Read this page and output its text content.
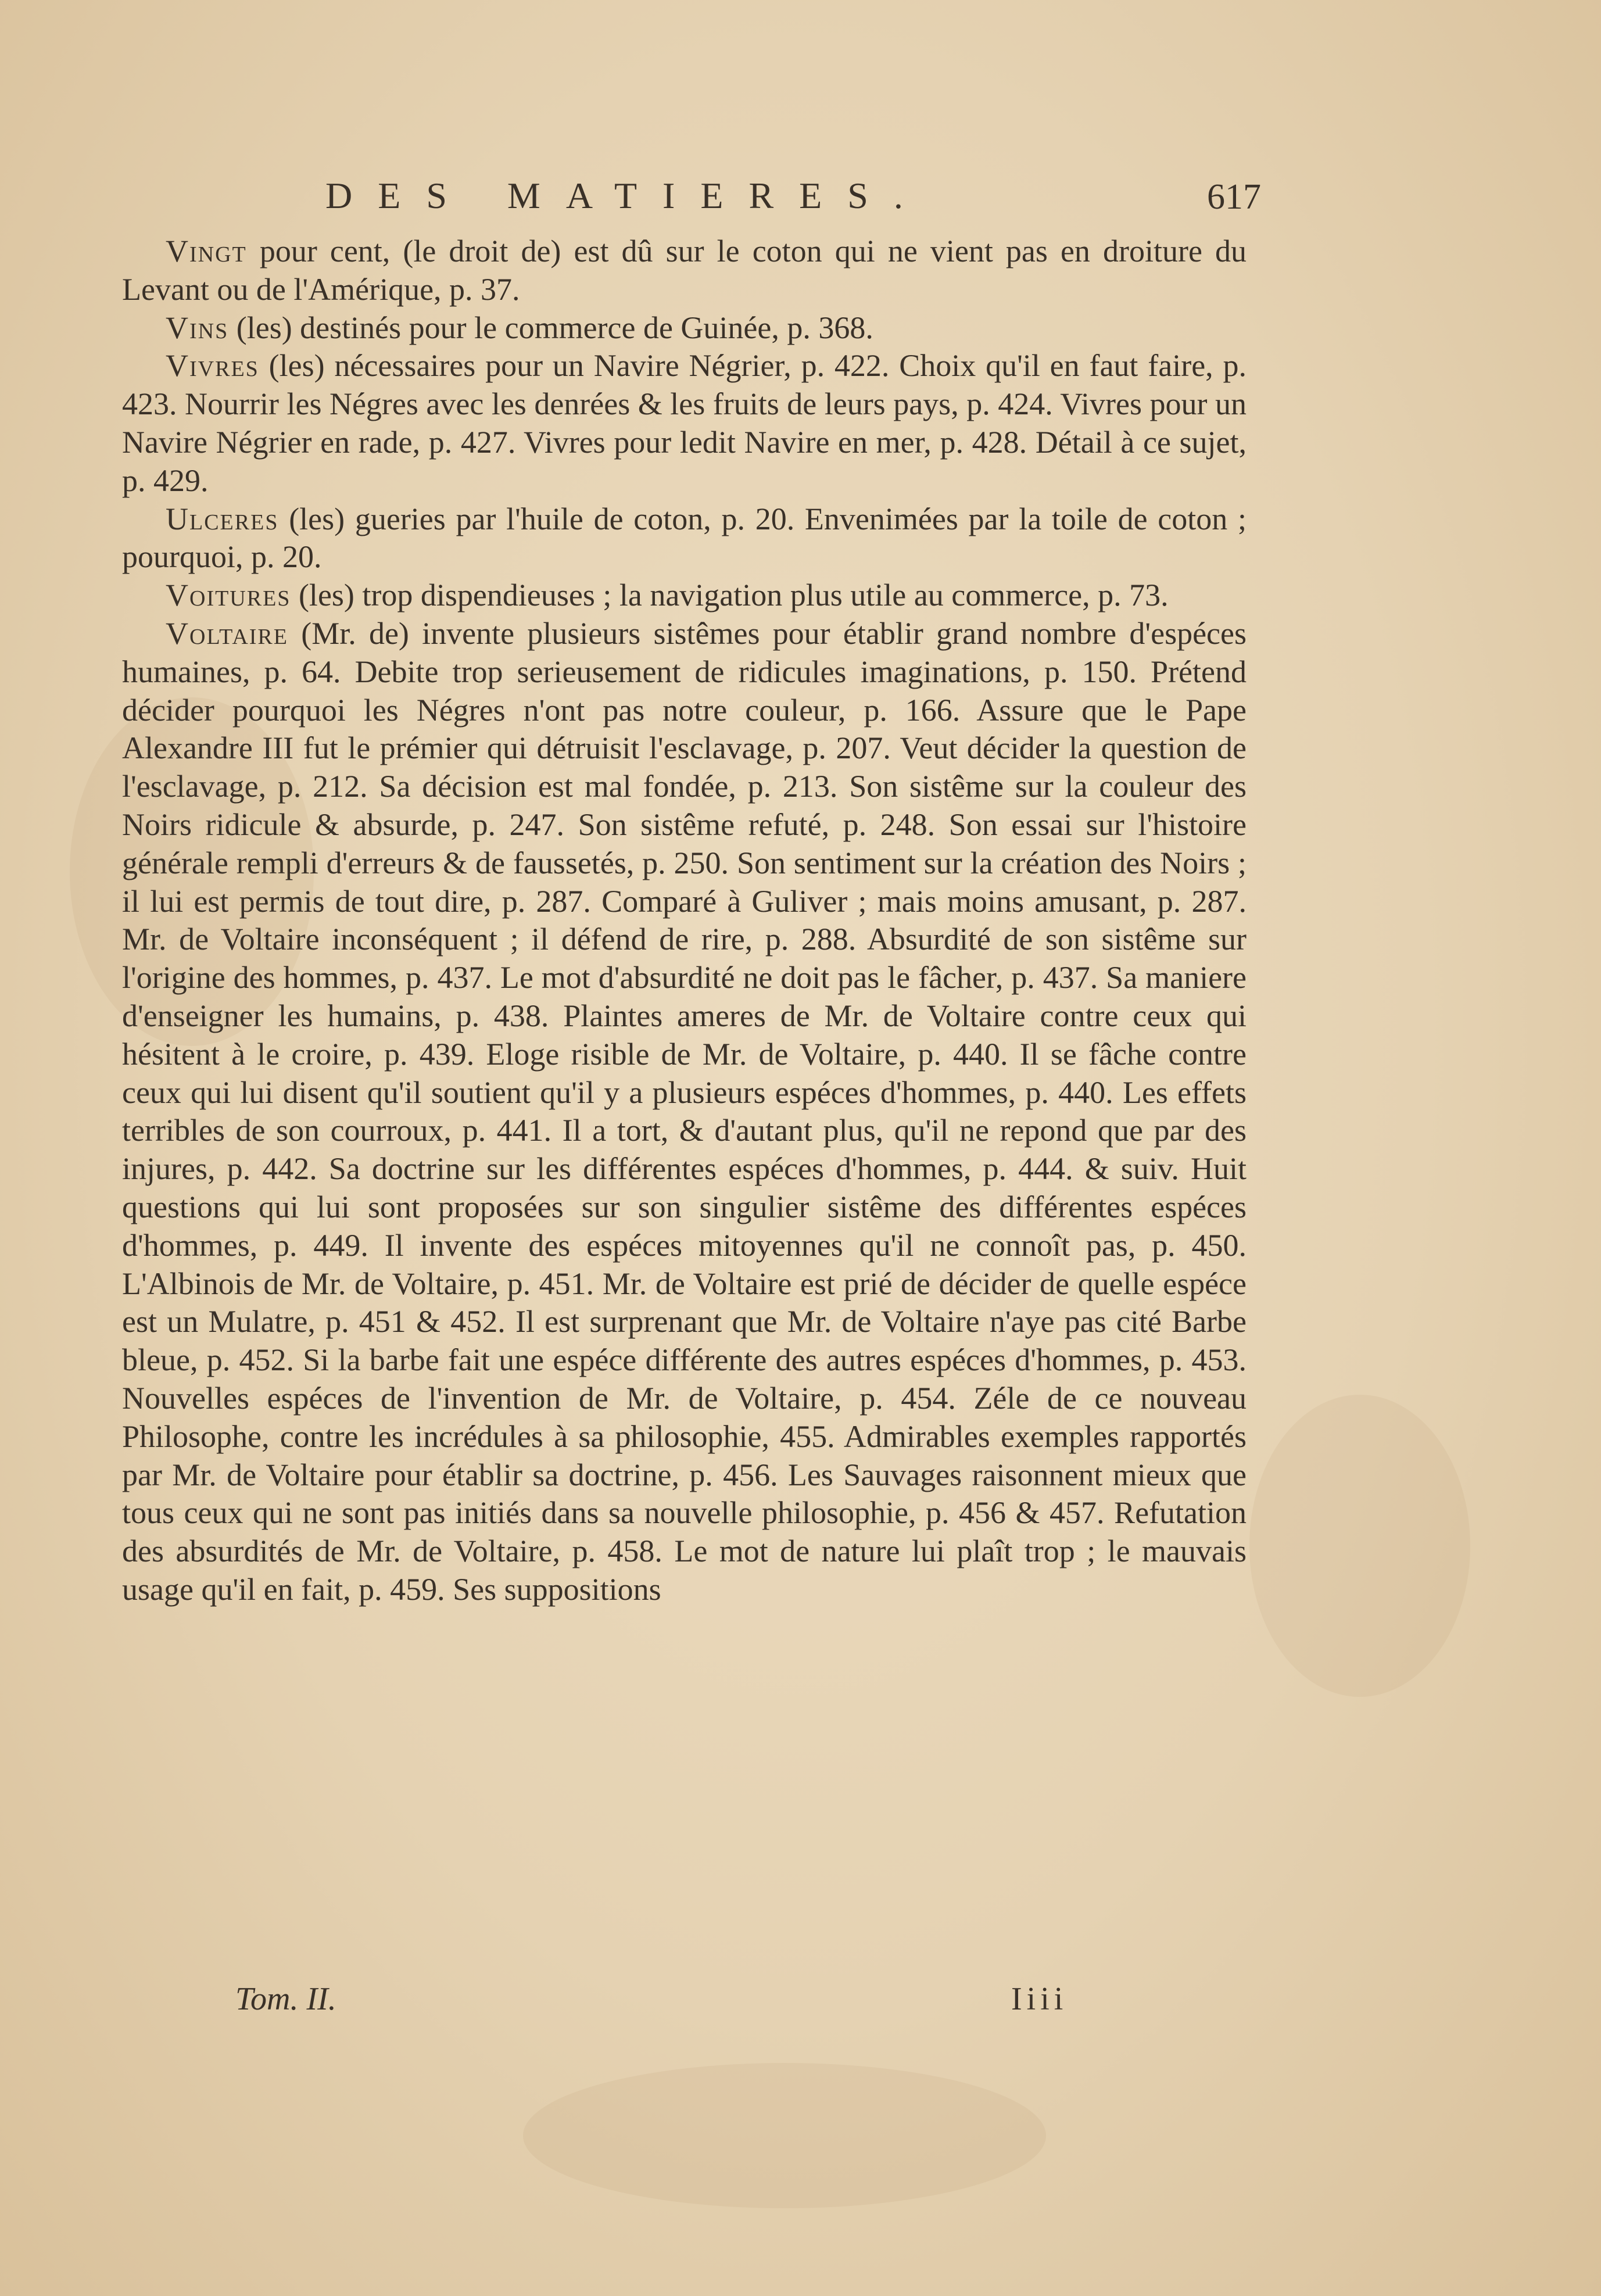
DES MATIERES.	617

Vingt pour cent, (le droit de) est dû sur le coton qui ne vient pas en droiture du Levant ou de l'Amérique, p. 37.

Vins (les) destinés pour le commerce de Guinée, p. 368.

Vivres (les) nécessaires pour un Navire Négrier, p. 422. Choix qu'il en faut faire, p. 423. Nourrir les Négres avec les denrées & les fruits de leurs pays, p. 424. Vivres pour un Navire Négrier en rade, p. 427. Vivres pour ledit Navire en mer, p. 428. Détail à ce sujet, p. 429.

Ulceres (les) gueries par l'huile de coton, p. 20. Envenimées par la toile de coton ; pourquoi, p. 20.

Voitures (les) trop dispendieuses ; la navigation plus utile au commerce, p. 73.

Voltaire (Mr. de) invente plusieurs sistêmes pour établir grand nombre d'espéces humaines, p. 64. Debite trop serieusement de ridicules imaginations, p. 150. Prétend décider pourquoi les Négres n'ont pas notre couleur, p. 166. Assure que le Pape Alexandre III fut le prémier qui détruisit l'esclavage, p. 207. Veut décider la question de l'esclavage, p. 212. Sa décision est mal fondée, p. 213. Son sistême sur la couleur des Noirs ridicule & absurde, p. 247. Son sistême refuté, p. 248. Son essai sur l'histoire générale rempli d'erreurs & de faussetés, p. 250. Son sentiment sur la création des Noirs ; il lui est permis de tout dire, p. 287. Comparé à Guliver ; mais moins amusant, p. 287. Mr. de Voltaire inconséquent ; il défend de rire, p. 288. Absurdité de son sistême sur l'origine des hommes, p. 437. Le mot d'absurdité ne doit pas le fâcher, p. 437. Sa maniere d'enseigner les humains, p. 438. Plaintes ameres de Mr. de Voltaire contre ceux qui hésitent à le croire, p. 439. Eloge risible de Mr. de Voltaire, p. 440. Il se fâche contre ceux qui lui disent qu'il soutient qu'il y a plusieurs espéces d'hommes, p. 440. Les effets terribles de son courroux, p. 441. Il a tort, & d'autant plus, qu'il ne repond que par des injures, p. 442. Sa doctrine sur les différentes espéces d'hommes, p. 444. & suiv. Huit questions qui lui sont proposées sur son singulier sistême des différentes espéces d'hommes, p. 449. Il invente des espéces mitoyennes qu'il ne connoît pas, p. 450. L'Albinois de Mr. de Voltaire, p. 451. Mr. de Voltaire est prié de décider de quelle espéce est un Mulatre, p. 451 & 452. Il est surprenant que Mr. de Voltaire n'aye pas cité Barbe bleue, p. 452. Si la barbe fait une espéce différente des autres espéces d'hommes, p. 453. Nouvelles espéces de l'invention de Mr. de Voltaire, p. 454. Zéle de ce nouveau Philosophe, contre les incrédules à sa philosophie, 455. Admirables exemples rapportés par Mr. de Voltaire pour établir sa doctrine, p. 456. Les Sauvages raisonnent mieux que tous ceux qui ne sont pas initiés dans sa nouvelle philosophie, p. 456 & 457. Refutation des absurdités de Mr. de Voltaire, p. 458. Le mot de nature lui plaît trop ; le mauvais usage qu'il en fait, p. 459. Ses suppositions

Tom. II.	Iiii
